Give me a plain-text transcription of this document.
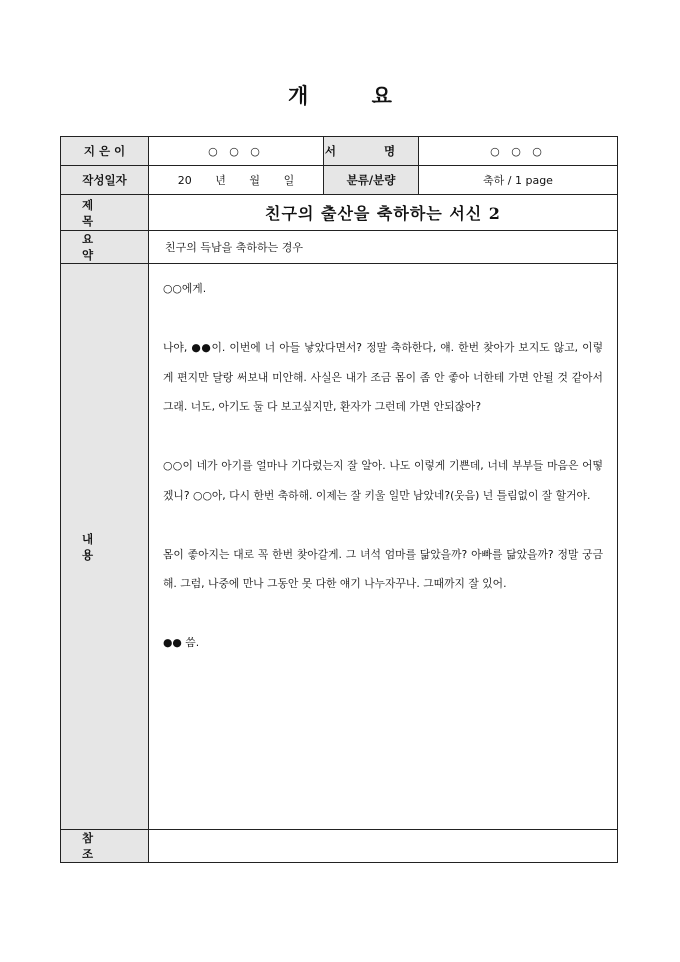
개 요
지 은 이	○ ○ ○	서 명	○ ○ ○
작성일자	20 년 월 일	분류/분량	축하 / 1 page
제 목	친구의 출산을 축하하는 서신 2		
요 약	친구의 득남을 축하하는 경우		
내 용	○○에게.

나야, ●●이. 이번에 너 아들 낳았다면서? 정말 축하한다, 얘. 한번 찾아가 보지도 않고, 이렇게 편지만 달랑 써보내 미안해. 사실은 내가 조금 몸이 좀 안 좋아 너한테 가면 안될 것 같아서 그래. 너도, 아기도 둘 다 보고싶지만, 환자가 그런데 가면 안되잖아?

○○이 네가 아기를 얼마나 기다렸는지 잘 알아. 나도 이렇게 기쁜데, 너네 부부들 마음은 어떻겠니? ○○아, 다시 한번 축하해. 이제는 잘 키울 일만 남았네?(웃음) 넌 틀림없이 잘 할거야.

몸이 좋아지는 대로 꼭 한번 찾아갈게. 그 녀석 엄마를 닮았을까? 아빠를 닮았을까? 정말 궁금해. 그럼, 나중에 만나 그동안 못 다한 얘기 나누자꾸나. 그때까지 잘 있어.

●● 씀.		

참 조			
